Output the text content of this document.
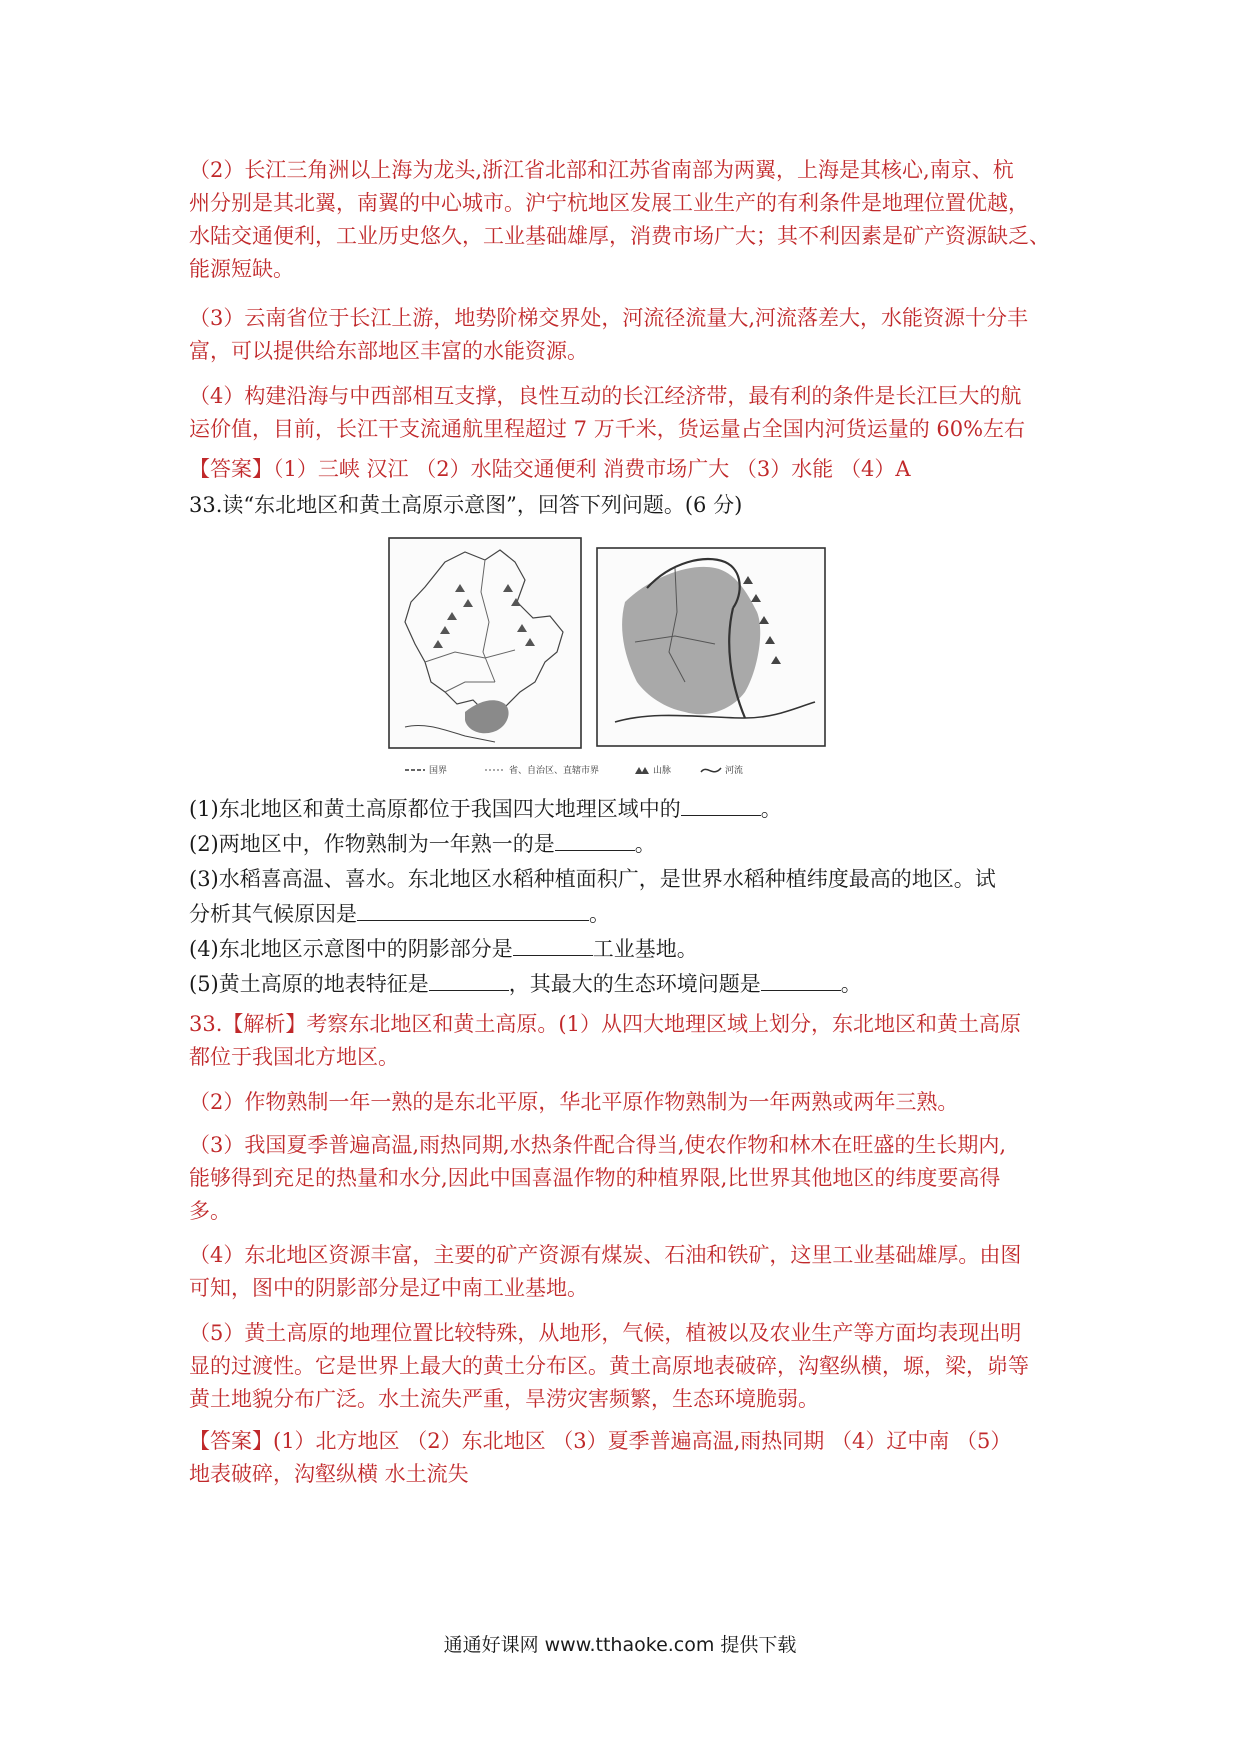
（2）长江三角洲以上海为龙头,浙江省北部和江苏省南部为两翼，上海是其核心,南京、杭
州分别是其北翼，南翼的中心城市。沪宁杭地区发展工业生产的有利条件是地理位置优越，
水陆交通便利，工业历史悠久，工业基础雄厚，消费市场广大；其不利因素是矿产资源缺乏、
能源短缺。
（3）云南省位于长江上游，地势阶梯交界处，河流径流量大,河流落差大，水能资源十分丰
富，可以提供给东部地区丰富的水能资源。
（4）构建沿海与中西部相互支撑，良性互动的长江经济带，最有利的条件是长江巨大的航
运价值，目前，长江干支流通航里程超过 7 万千米，货运量占全国内河货运量的 60%左右
【答案】（1）三峡 汉江 （2）水陆交通便利 消费市场广大 （3）水能 （4）A
33.读“东北地区和黄土高原示意图”，回答下列问题。(6 分)
国界	省、自治区、直辖市界	山脉	河流
(1)东北地区和黄土高原都位于我国四大地理区域中的	。
(2)两地区中，作物熟制为一年熟一的是	。
(3)水稻喜高温、喜水。东北地区水稻种植面积广，是世界水稻种植纬度最高的地区。试
分析其气候原因是	。
(4)东北地区示意图中的阴影部分是	工业基地。
(5)黄土高原的地表特征是	，其最大的生态环境问题是	。
33.【解析】考察东北地区和黄土高原。(1）从四大地理区域上划分，东北地区和黄土高原
都位于我国北方地区。
（2）作物熟制一年一熟的是东北平原，华北平原作物熟制为一年两熟或两年三熟。
（3）我国夏季普遍高温,雨热同期,水热条件配合得当,使农作物和林木在旺盛的生长期内,
能够得到充足的热量和水分,因此中国喜温作物的种植界限,比世界其他地区的纬度要高得
多。
（4）东北地区资源丰富，主要的矿产资源有煤炭、石油和铁矿，这里工业基础雄厚。由图
可知，图中的阴影部分是辽中南工业基地。
（5）黄土高原的地理位置比较特殊，从地形，气候，植被以及农业生产等方面均表现出明
显的过渡性。它是世界上最大的黄土分布区。黄土高原地表破碎，沟壑纵横，塬，梁，峁等
黄土地貌分布广泛。水土流失严重，旱涝灾害频繁，生态环境脆弱。
【答案】(1）北方地区 （2）东北地区 （3）夏季普遍高温,雨热同期 （4）辽中南 （5）
地表破碎，沟壑纵横 水土流失
通通好课网 www.tthaoke.com 提供下载
